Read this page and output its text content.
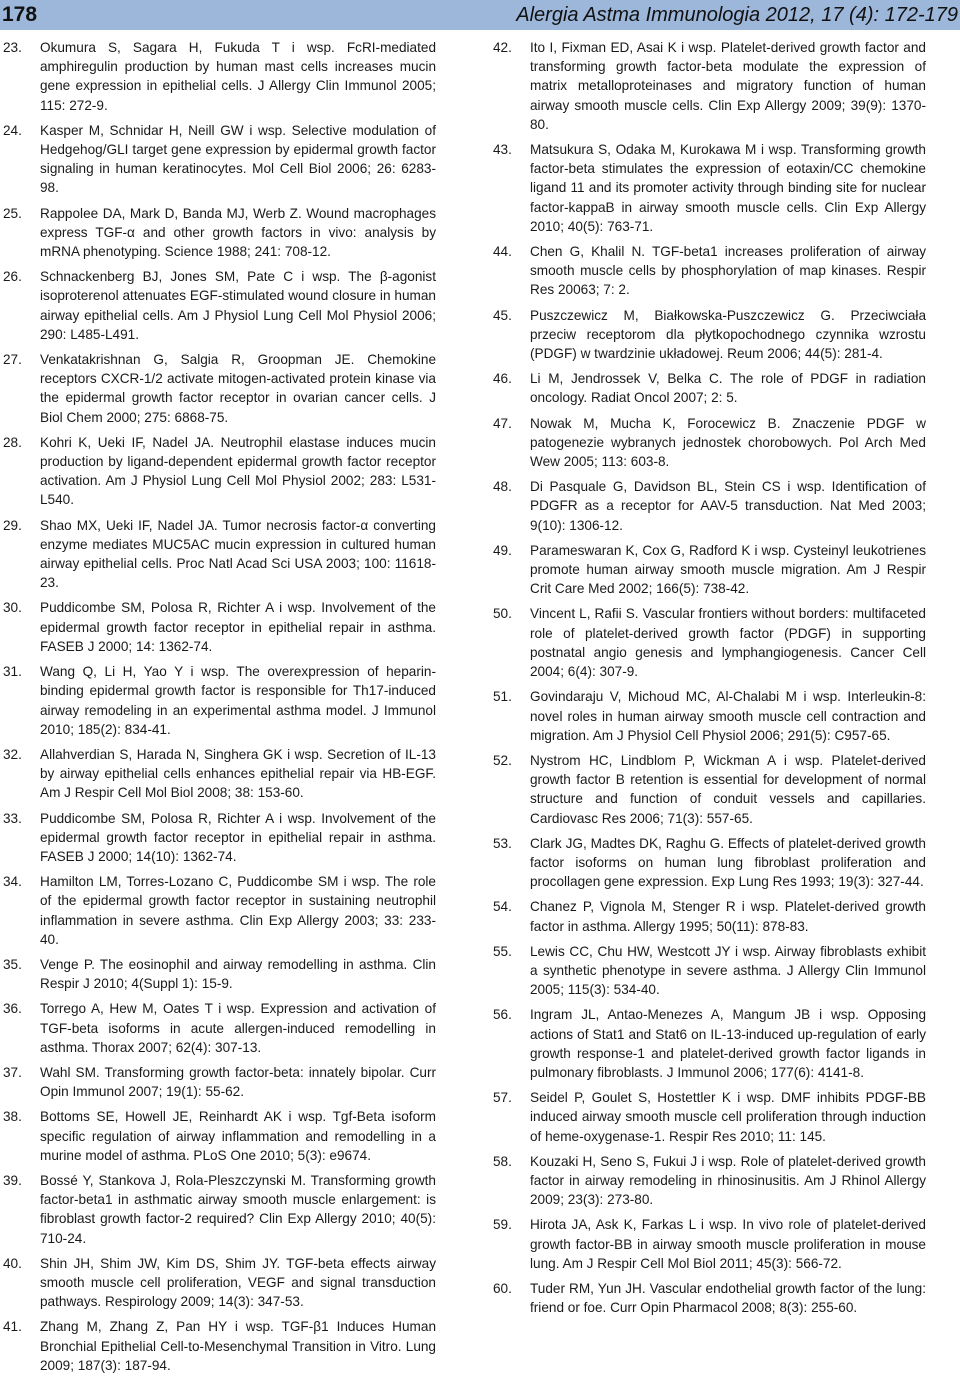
178	Alergia Astma Immunologia 2012, 17 (4): 172-179
23. Okumura S, Sagara H, Fukuda T i wsp. FcRI-mediated amphiregulin production by human mast cells increases mucin gene expression in epithelial cells. J Allergy Clin Immunol 2005; 115: 272-9.
24. Kasper M, Schnidar H, Neill GW i wsp. Selective modulation of Hedgehog/GLI target gene expression by epidermal growth factor signaling in human keratinocytes. Mol Cell Biol 2006; 26: 6283-98.
25. Rappolee DA, Mark D, Banda MJ, Werb Z. Wound macrophages express TGF-α and other growth factors in vivo: analysis by mRNA phenotyping. Science 1988; 241: 708-12.
26. Schnackenberg BJ, Jones SM, Pate C i wsp. The β-agonist isoproterenol attenuates EGF-stimulated wound closure in human airway epithelial cells. Am J Physiol Lung Cell Mol Physiol 2006; 290: L485-L491.
27. Venkatakrishnan G, Salgia R, Groopman JE. Chemokine receptors CXCR-1/2 activate mitogen-activated protein kinase via the epidermal growth factor receptor in ovarian cancer cells. J Biol Chem 2000; 275: 6868-75.
28. Kohri K, Ueki IF, Nadel JA. Neutrophil elastase induces mucin production by ligand-dependent epidermal growth factor receptor activation. Am J Physiol Lung Cell Mol Physiol 2002; 283: L531-L540.
29. Shao MX, Ueki IF, Nadel JA. Tumor necrosis factor-α converting enzyme mediates MUC5AC mucin expression in cultured human airway epithelial cells. Proc Natl Acad Sci USA 2003; 100: 11618-23.
30. Puddicombe SM, Polosa R, Richter A i wsp. Involvement of the epidermal growth factor receptor in epithelial repair in asthma. FASEB J 2000; 14: 1362-74.
31. Wang Q, Li H, Yao Y i wsp. The overexpression of heparin-binding epidermal growth factor is responsible for Th17-induced airway remodeling in an experimental asthma model. J Immunol 2010; 185(2): 834-41.
32. Allahverdian S, Harada N, Singhera GK i wsp. Secretion of IL-13 by airway epithelial cells enhances epithelial repair via HB-EGF. Am J Respir Cell Mol Biol 2008; 38: 153-60.
33. Puddicombe SM, Polosa R, Richter A i wsp. Involvement of the epidermal growth factor receptor in epithelial repair in asthma. FASEB J 2000; 14(10): 1362-74.
34. Hamilton LM, Torres-Lozano C, Puddicombe SM i wsp. The role of the epidermal growth factor receptor in sustaining neutrophil inflammation in severe asthma. Clin Exp Allergy 2003; 33: 233-40.
35. Venge P. The eosinophil and airway remodelling in asthma. Clin Respir J 2010; 4(Suppl 1): 15-9.
36. Torrego A, Hew M, Oates T i wsp. Expression and activation of TGF-beta isoforms in acute allergen-induced remodelling in asthma. Thorax 2007; 62(4): 307-13.
37. Wahl SM. Transforming growth factor-beta: innately bipolar. Curr Opin Immunol 2007; 19(1): 55-62.
38. Bottoms SE, Howell JE, Reinhardt AK i wsp. Tgf-Beta isoform specific regulation of airway inflammation and remodelling in a murine model of asthma. PLoS One 2010; 5(3): e9674.
39. Bossé Y, Stankova J, Rola-Pleszczynski M. Transforming growth factor-beta1 in asthmatic airway smooth muscle enlargement: is fibroblast growth factor-2 required? Clin Exp Allergy 2010; 40(5): 710-24.
40. Shin JH, Shim JW, Kim DS, Shim JY. TGF-beta effects airway smooth muscle cell proliferation, VEGF and signal transduction pathways. Respirology 2009; 14(3): 347-53.
41. Zhang M, Zhang Z, Pan HY i wsp. TGF-β1 Induces Human Bronchial Epithelial Cell-to-Mesenchymal Transition in Vitro. Lung 2009; 187(3): 187-94.
42. Ito I, Fixman ED, Asai K i wsp. Platelet-derived growth factor and transforming growth factor-beta modulate the expression of matrix metalloproteinases and migratory function of human airway smooth muscle cells. Clin Exp Allergy 2009; 39(9): 1370-80.
43. Matsukura S, Odaka M, Kurokawa M i wsp. Transforming growth factor-beta stimulates the expression of eotaxin/CC chemokine ligand 11 and its promoter activity through binding site for nuclear factor-kappaB in airway smooth muscle cells. Clin Exp Allergy 2010; 40(5): 763-71.
44. Chen G, Khalil N. TGF-beta1 increases proliferation of airway smooth muscle cells by phosphorylation of map kinases. Respir Res 20063; 7: 2.
45. Puszczewicz M, Białkowska-Puszczewicz G. Przeciwciała przeciw receptorom dla płytkopochodnego czynnika wzrostu (PDGF) w twardzinie układowej. Reum 2006; 44(5): 281-4.
46. Li M, Jendrossek V, Belka C. The role of PDGF in radiation oncology. Radiat Oncol 2007; 2: 5.
47. Nowak M, Mucha K, Forocewicz B. Znaczenie PDGF w patogenezie wybranych jednostek chorobowych. Pol Arch Med Wew 2005; 113: 603-8.
48. Di Pasquale G, Davidson BL, Stein CS i wsp. Identification of PDGFR as a receptor for AAV-5 transduction. Nat Med 2003; 9(10): 1306-12.
49. Parameswaran K, Cox G, Radford K i wsp. Cysteinyl leukotrienes promote human airway smooth muscle migration. Am J Respir Crit Care Med 2002; 166(5): 738-42.
50. Vincent L, Rafii S. Vascular frontiers without borders: multifaceted role of platelet-derived growth factor (PDGF) in supporting postnatal angio genesis and lymphangiogenesis. Cancer Cell 2004; 6(4): 307-9.
51. Govindaraju V, Michoud MC, Al-Chalabi M i wsp. Interleukin-8: novel roles in human airway smooth muscle cell contraction and migration. Am J Physiol Cell Physiol 2006; 291(5): C957-65.
52. Nystrom HC, Lindblom P, Wickman A i wsp. Platelet-derived growth factor B retention is essential for development of normal structure and function of conduit vessels and capillaries. Cardiovasc Res 2006; 71(3): 557-65.
53. Clark JG, Madtes DK, Raghu G. Effects of platelet-derived growth factor isoforms on human lung fibroblast proliferation and procollagen gene expression. Exp Lung Res 1993; 19(3): 327-44.
54. Chanez P, Vignola M, Stenger R i wsp. Platelet-derived growth factor in asthma. Allergy 1995; 50(11): 878-83.
55. Lewis CC, Chu HW, Westcott JY i wsp. Airway fibroblasts exhibit a synthetic phenotype in severe asthma. J Allergy Clin Immunol 2005; 115(3): 534-40.
56. Ingram JL, Antao-Menezes A, Mangum JB i wsp. Opposing actions of Stat1 and Stat6 on IL-13-induced up-regulation of early growth response-1 and platelet-derived growth factor ligands in pulmonary fibroblasts. J Immunol 2006; 177(6): 4141-8.
57. Seidel P, Goulet S, Hostettler K i wsp. DMF inhibits PDGF-BB induced airway smooth muscle cell proliferation through induction of heme-oxygenase-1. Respir Res 2010; 11: 145.
58. Kouzaki H, Seno S, Fukui J i wsp. Role of platelet-derived growth factor in airway remodeling in rhinosinusitis. Am J Rhinol Allergy 2009; 23(3): 273-80.
59. Hirota JA, Ask K, Farkas L i wsp. In vivo role of platelet-derived growth factor-BB in airway smooth muscle proliferation in mouse lung. Am J Respir Cell Mol Biol 2011; 45(3): 566-72.
60. Tuder RM, Yun JH. Vascular endothelial growth factor of the lung: friend or foe. Curr Opin Pharmacol 2008; 8(3): 255-60.
